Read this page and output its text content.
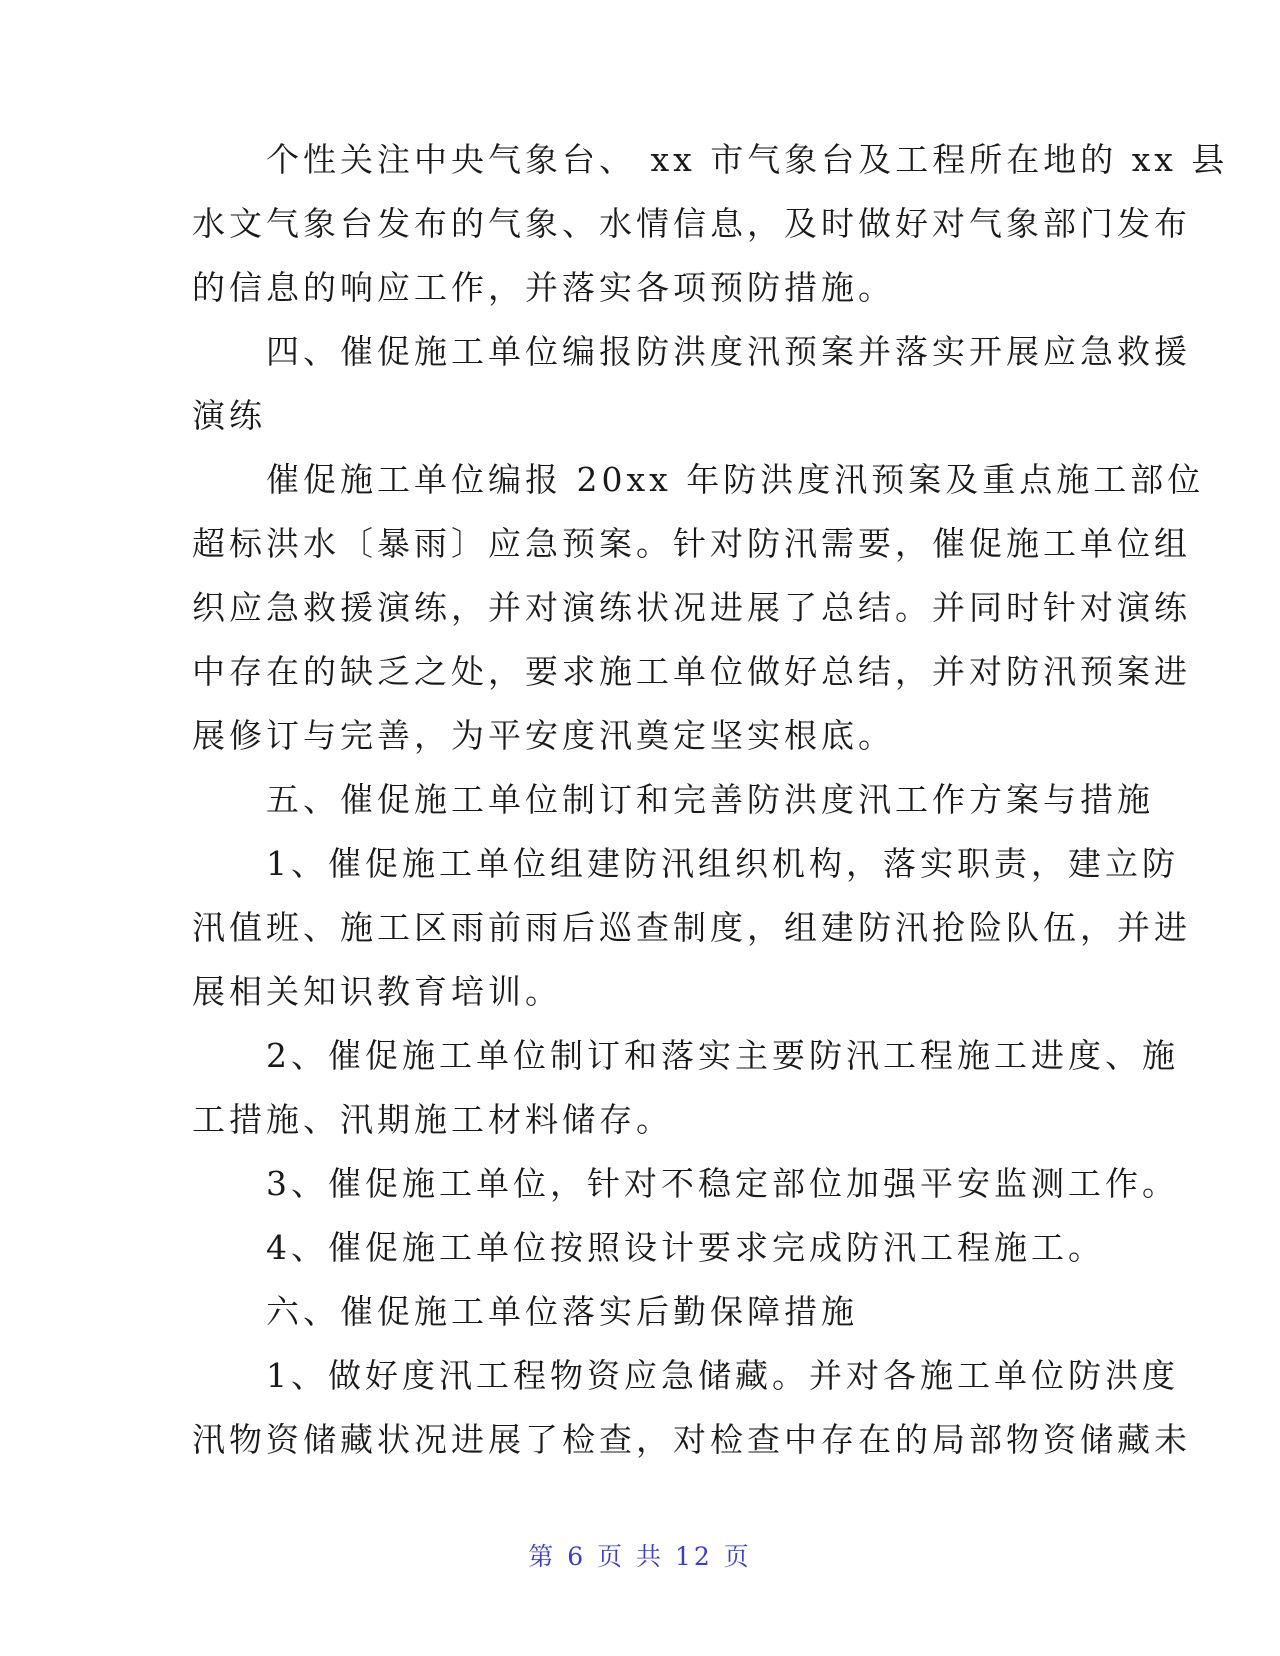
　　个性关注中央气象台、 xx 市气象台及工程所在地的 xx 县
水文气象台发布的气象、水情信息，及时做好对气象部门发布
的信息的响应工作，并落实各项预防措施。
　　四、催促施工单位编报防洪度汛预案并落实开展应急救援
演练
　　催促施工单位编报 20xx 年防洪度汛预案及重点施工部位
超标洪水〔暴雨〕应急预案。针对防汛需要，催促施工单位组
织应急救援演练，并对演练状况进展了总结。并同时针对演练
中存在的缺乏之处，要求施工单位做好总结，并对防汛预案进
展修订与完善，为平安度汛奠定坚实根底。
　　五、催促施工单位制订和完善防洪度汛工作方案与措施
　　1、催促施工单位组建防汛组织机构，落实职责，建立防
汛值班、施工区雨前雨后巡查制度，组建防汛抢险队伍，并进
展相关知识教育培训。
　　2、催促施工单位制订和落实主要防汛工程施工进度、施
工措施、汛期施工材料储存。
　　3、催促施工单位，针对不稳定部位加强平安监测工作。
　　4、催促施工单位按照设计要求完成防汛工程施工。
　　六、催促施工单位落实后勤保障措施
　　1、做好度汛工程物资应急储藏。并对各施工单位防洪度
汛物资储藏状况进展了检查，对检查中存在的局部物资储藏未
第 6 页 共 12 页
